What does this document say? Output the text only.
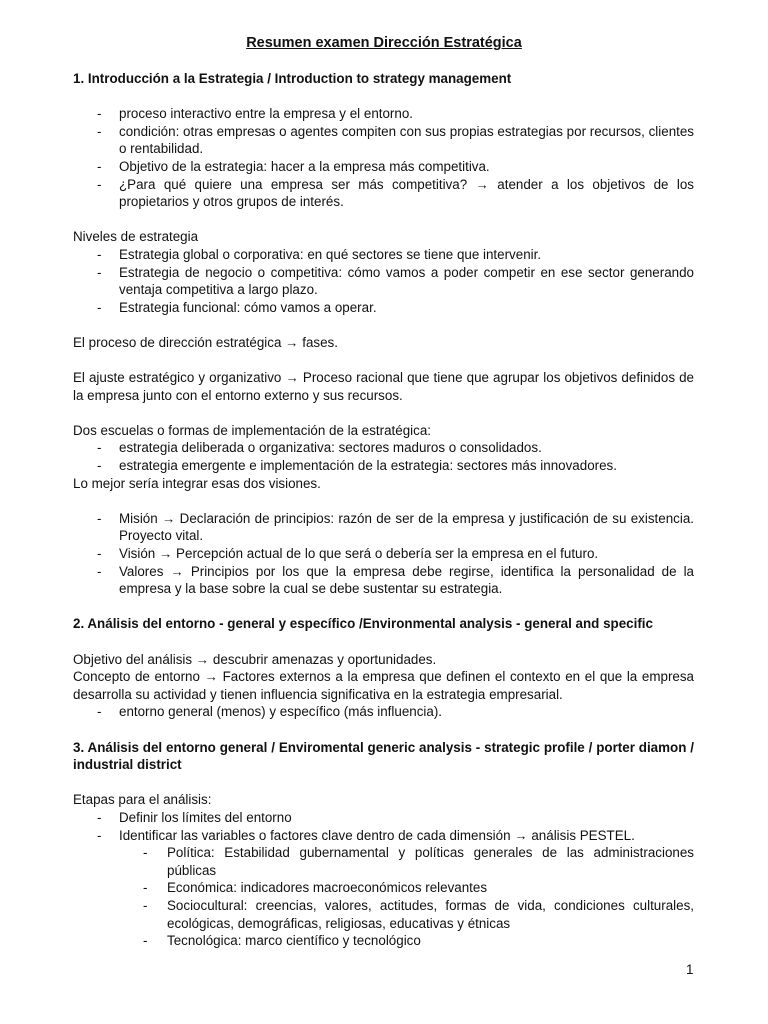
Resumen examen Dirección Estratégica

1. Introducción a la Estrategia / Introduction to strategy management

- proceso interactivo entre la empresa y el entorno.
- condición: otras empresas o agentes compiten con sus propias estrategias por recursos, clientes o rentabilidad.
- Objetivo de la estrategia: hacer a la empresa más competitiva.
- ¿Para qué quiere una empresa ser más competitiva? → atender a los objetivos de los propietarios y otros grupos de interés.

Niveles de estrategia

- Estrategia global o corporativa: en qué sectores se tiene que intervenir.
- Estrategia de negocio o competitiva: cómo vamos a poder competir en ese sector generando ventaja competitiva a largo plazo.
- Estrategia funcional: cómo vamos a operar.

El proceso de dirección estratégica → fases.

El ajuste estratégico y organizativo → Proceso racional que tiene que agrupar los objetivos definidos de la empresa junto con el entorno externo y sus recursos.

Dos escuelas o formas de implementación de la estratégica:

- estrategia deliberada o organizativa: sectores maduros o consolidados.
- estrategia emergente e implementación de la estrategia: sectores más innovadores.

Lo mejor sería integrar esas dos visiones.

- Misión → Declaración de principios: razón de ser de la empresa y justificación de su existencia. Proyecto vital.
- Visión → Percepción actual de lo que será o debería ser la empresa en el futuro.
- Valores → Principios por los que la empresa debe regirse, identifica la personalidad de la empresa y la base sobre la cual se debe sustentar su estrategia.

2. Análisis del entorno - general y específico /Environmental analysis - general and specific

Objetivo del análisis → descubrir amenazas y oportunidades.

Concepto de entorno → Factores externos a la empresa que definen el contexto en el que la empresa desarrolla su actividad y tienen influencia significativa en la estrategia empresarial.

- entorno general (menos) y específico (más influencia).

3. Análisis del entorno general / Enviromental generic analysis - strategic profile / porter diamon / industrial district

Etapas para el análisis:

- Definir los límites del entorno
- Identificar las variables o factores clave dentro de cada dimensión → análisis PESTEL.
- Política: Estabilidad gubernamental y políticas generales de las administraciones públicas
- Económica: indicadores macroeconómicos relevantes
- Sociocultural: creencias, valores, actitudes, formas de vida, condiciones culturales, ecológicas, demográficas, religiosas, educativas y étnicas
- Tecnológica: marco científico y tecnológico
1
